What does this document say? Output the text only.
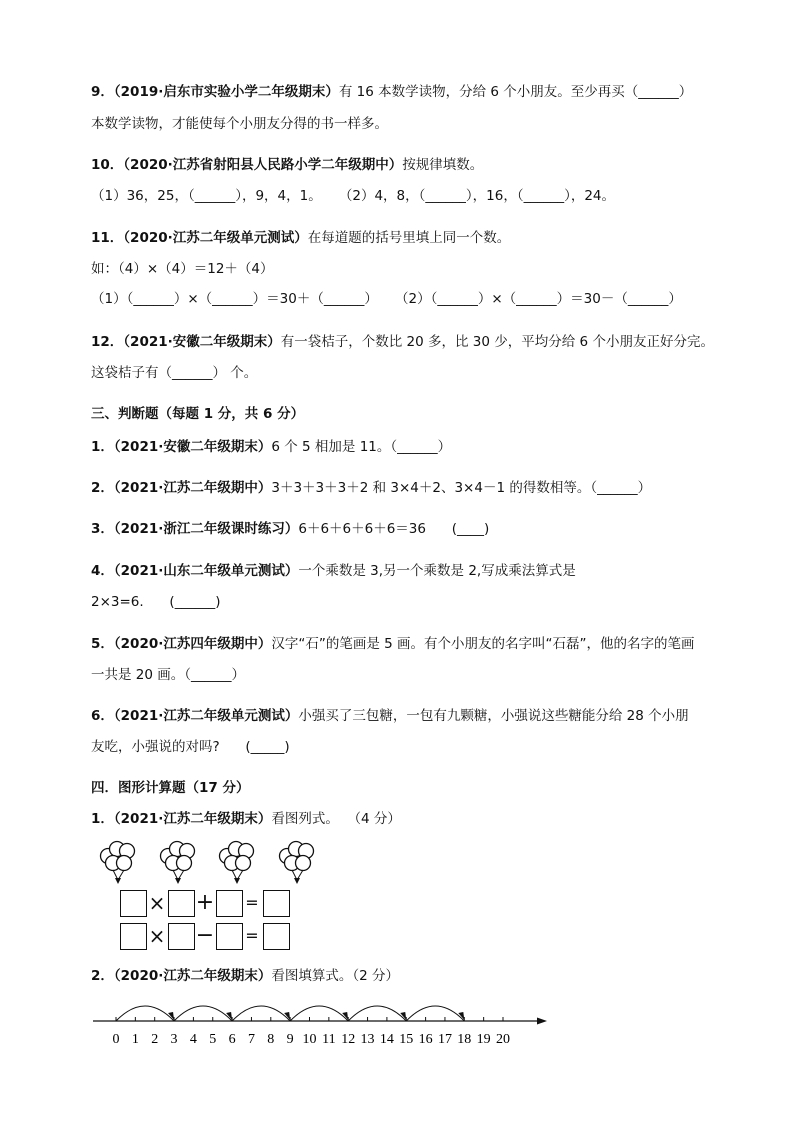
9．（2019·启东市实验小学二年级期末）有 16 本数学读物，分给 6 个小朋友。至少再买（______）
本数学读物，才能使每个小朋友分得的书一样多。
10．（2020·江苏省射阳县人民路小学二年级期中）按规律填数。
（1）36，25，（______），9，4，1。    （2）4，8，（______），16，（______），24。
11．（2020·江苏二年级单元测试）在每道题的括号里填上同一个数。
如：（4）×（4）＝12＋（4）
（1）（______）×（______）＝30＋（______）    （2）（______）×（______）＝30－（______）
12．（2021·安徽二年级期末）有一袋桔子，个数比 20 多，比 30 少，平均分给 6 个小朋友正好分完。
这袋桔子有（______） 个。
三、判断题（每题 1 分，共 6 分）
1．（2021·安徽二年级期末）6 个 5 相加是 11。（______）
2．（2021·江苏二年级期中）3＋3＋3＋3＋2 和 3×4＋2、3×4－1 的得数相等。（______）
3．（2021·浙江二年级课时练习）6＋6＋6＋6＋6＝36      (____)
4．（2021·山东二年级单元测试）一个乘数是 3,另一个乘数是 2,写成乘法算式是
2×3=6.      (______)
5．（2020·江苏四年级期中）汉字“石”的笔画是 5 画。有个小朋友的名字叫“石磊”，他的名字的笔画
一共是 20 画。（______）
6．（2021·江苏二年级单元测试）小强买了三包糖，一包有九颗糖，小强说这些糖能分给 28 个小朋
友吃，小强说的对吗?      (_____)
四．图形计算题（17 分）
1．（2021·江苏二年级期末）看图列式。  （4 分）
× + =
× − =
2．（2020·江苏二年级期末）看图填算式。（2 分）
0 1 2 3 4 5 6 7 8 9 10 11 12 13 14 15 16 17 18 19 20
